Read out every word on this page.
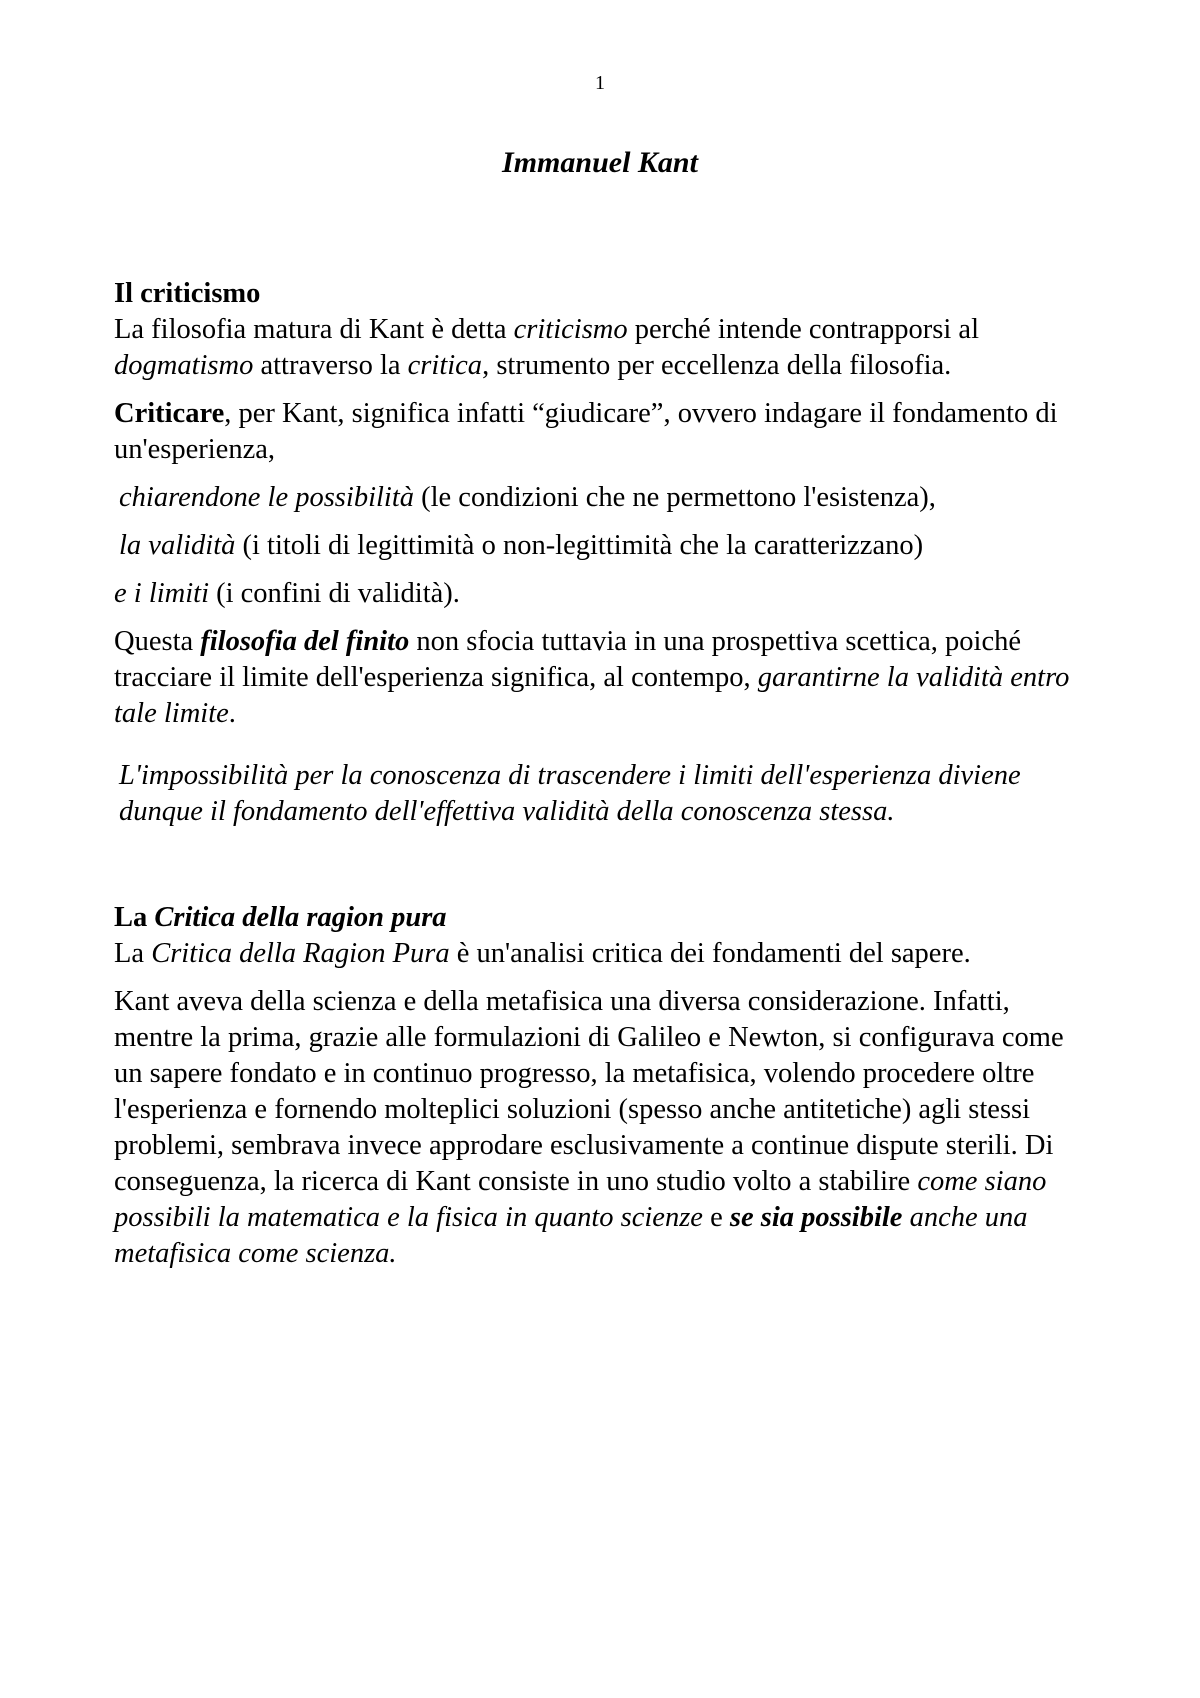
1
Immanuel Kant

Il criticismo

La filosofia matura di Kant è detta criticismo perché intende contrapporsi al dogmatismo attraverso la critica, strumento per eccellenza della filosofia.

Criticare, per Kant, significa infatti “giudicare”, ovvero indagare il fondamento di un'esperienza,

chiarendone le possibilità (le condizioni che ne permettono l'esistenza),

la validità (i titoli di legittimità o non-legittimità che la caratterizzano)

e i limiti (i confini di validità).

Questa filosofia del finito non sfocia tuttavia in una prospettiva scettica, poiché tracciare il limite dell'esperienza significa, al contempo, garantirne la validità entro tale limite.

L'impossibilità per la conoscenza di trascendere i limiti dell'esperienza diviene dunque il fondamento dell'effettiva validità della conoscenza stessa.

La Critica della ragion pura

La Critica della Ragion Pura è un'analisi critica dei fondamenti del sapere.

Kant aveva della scienza e della metafisica una diversa considerazione. Infatti, mentre la prima, grazie alle formulazioni di Galileo e Newton, si configurava come un sapere fondato e in continuo progresso, la metafisica, volendo procedere oltre l'esperienza e fornendo molteplici soluzioni (spesso anche antitetiche) agli stessi problemi, sembrava invece approdare esclusivamente a continue dispute sterili. Di conseguenza, la ricerca di Kant consiste in uno studio volto a stabilire come siano possibili la matematica e la fisica in quanto scienze e se sia possibile anche una metafisica come scienza.
